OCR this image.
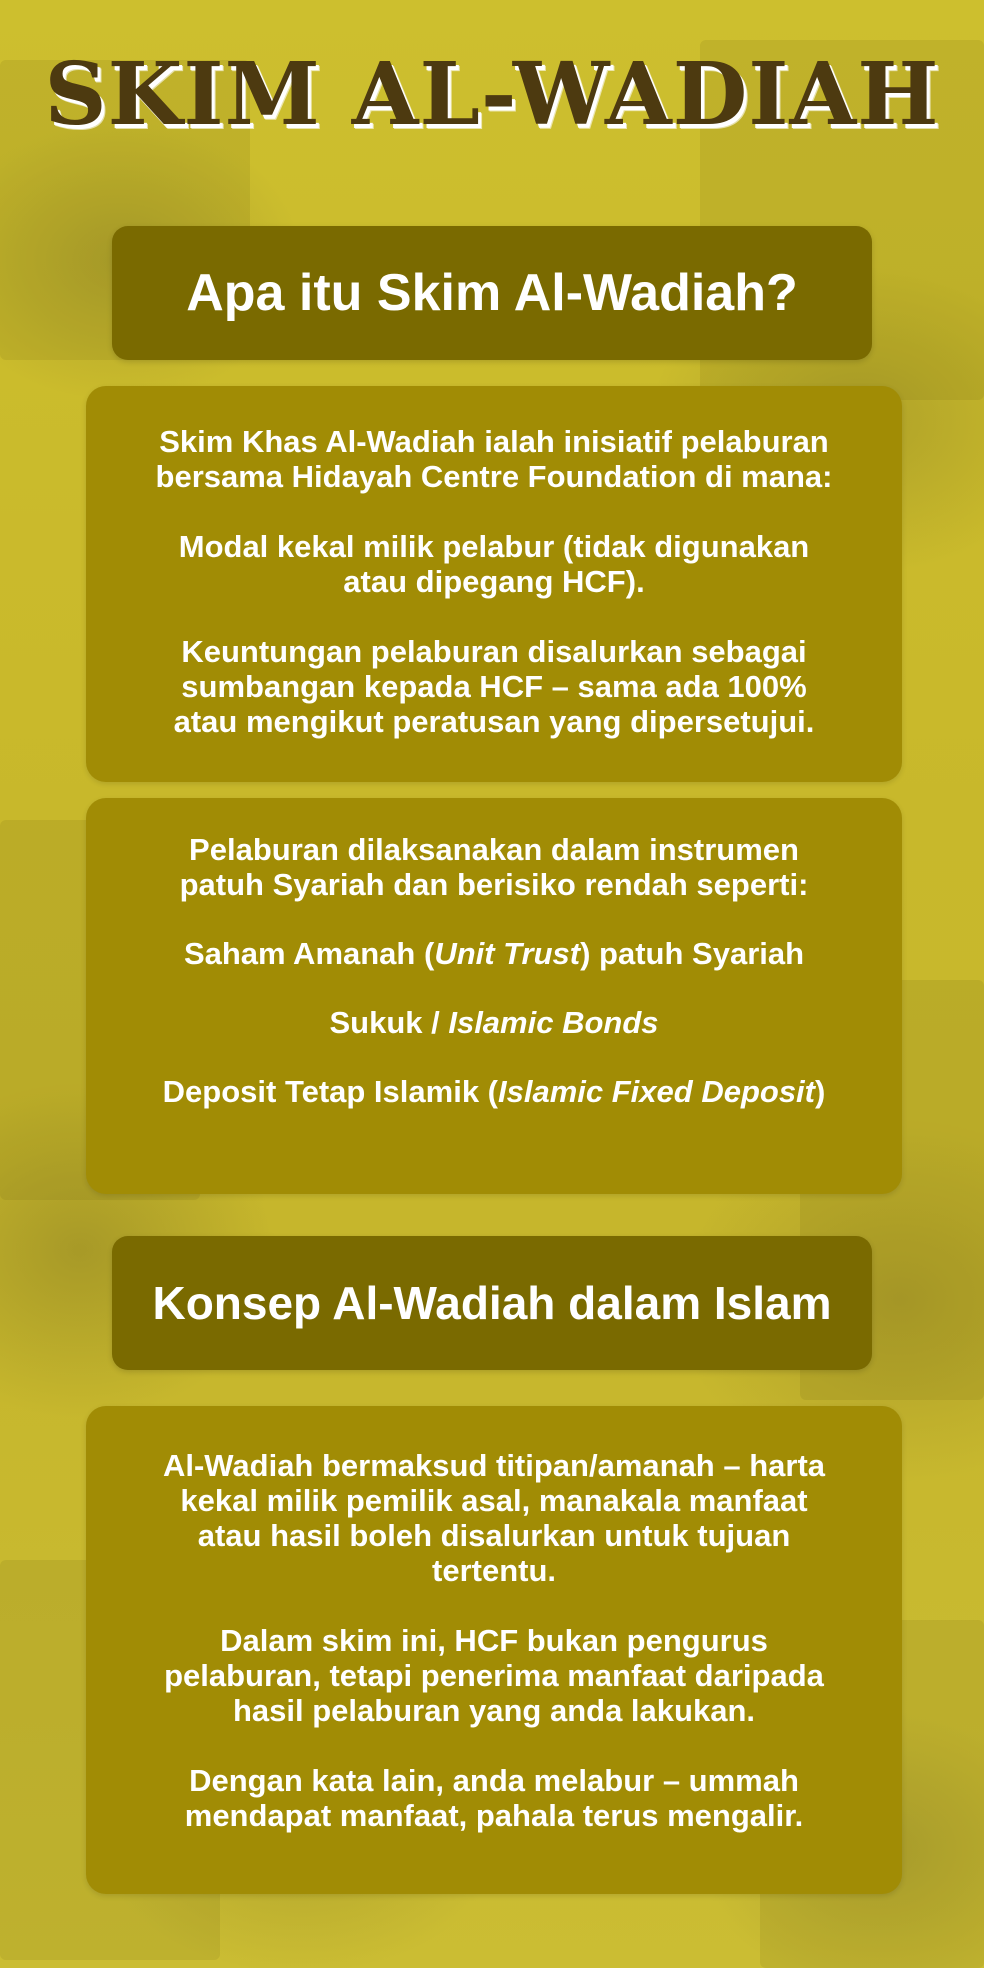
SKIM AL-WADIAH
Apa itu Skim Al-Wadiah?

Skim Khas Al-Wadiah ialah inisiatif pelaburan
bersama Hidayah Centre Foundation di mana:

Modal kekal milik pelabur (tidak digunakan
atau dipegang HCF).

Keuntungan pelaburan disalurkan sebagai
sumbangan kepada HCF – sama ada 100%
atau mengikut peratusan yang dipersetujui.

Pelaburan dilaksanakan dalam instrumen
patuh Syariah dan berisiko rendah seperti:

Saham Amanah (Unit Trust) patuh Syariah

Sukuk / Islamic Bonds

Deposit Tetap Islamik (Islamic Fixed Deposit)

Konsep Al-Wadiah dalam Islam

Al-Wadiah bermaksud titipan/amanah – harta
kekal milik pemilik asal, manakala manfaat
atau hasil boleh disalurkan untuk tujuan
tertentu.

Dalam skim ini, HCF bukan pengurus
pelaburan, tetapi penerima manfaat daripada
hasil pelaburan yang anda lakukan.

Dengan kata lain, anda melabur – ummah
mendapat manfaat, pahala terus mengalir.
